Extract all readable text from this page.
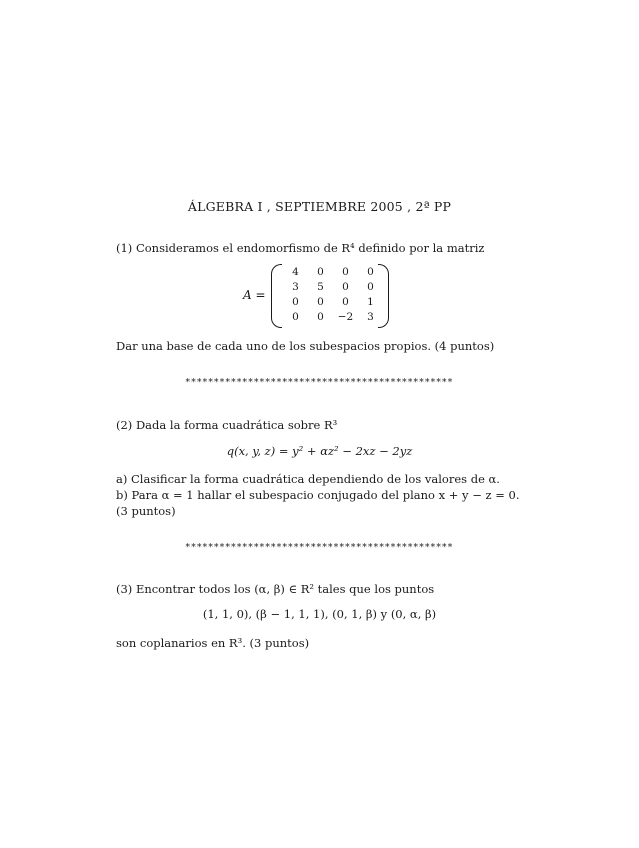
ÁLGEBRA I , SEPTIEMBRE 2005 , 2ª PP
(1) Consideramos el endomorfismo de R⁴ definido por la matriz
A =
4	0	0	0
3	5	0	0
0	0	0	1
0	0	−2	3
Dar una base de cada uno de los subespacios propios. (4 puntos)
***********************************************
(2) Dada la forma cuadrática sobre R³
q(x, y, z) = y² + αz² − 2xz − 2yz
a) Clasificar la forma cuadrática dependiendo de los valores de α.
b) Para α = 1 hallar el subespacio conjugado del plano x + y − z = 0.
(3 puntos)
***********************************************
(3) Encontrar todos los (α, β) ∈ R² tales que los puntos
(1, 1, 0), (β − 1, 1, 1), (0, 1, β) y (0, α, β)
son coplanarios en R³. (3 puntos)
